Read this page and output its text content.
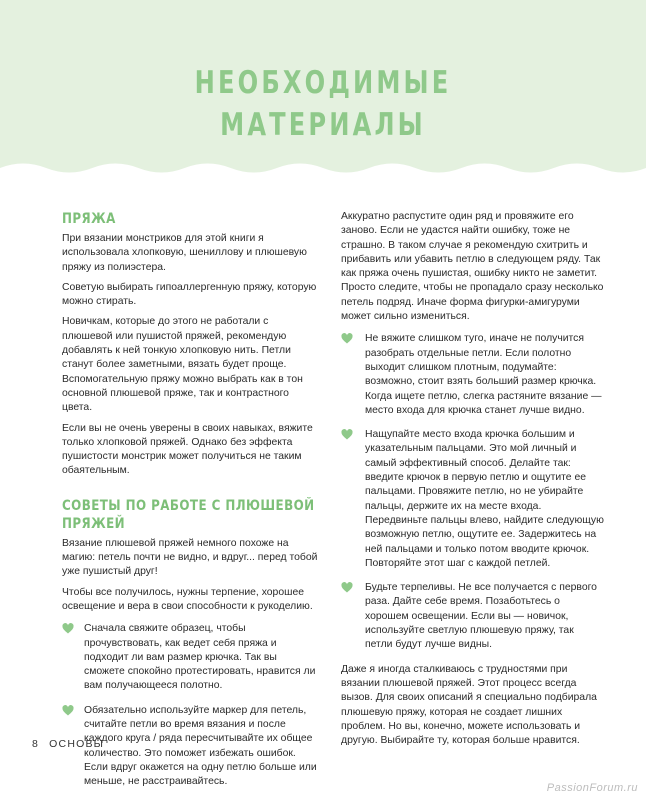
НЕОБХОДИМЫЕ
МАТЕРИАЛЫ
ПРЯЖА

При вязании монстриков для этой книги я использовала хлопковую, шениллову и плюшевую пряжу из полиэстера.

Советую выбирать гипоаллергенную пряжу, которую можно стирать.

Новичкам, которые до этого не работали с плюшевой или пушистой пряжей, рекомендую добавлять к ней тонкую хлопковую нить. Петли станут более заметными, вязать будет проще. Вспомогательную пряжу можно выбрать как в тон основной плюшевой пряже, так и контрастного цвета.

Если вы не очень уверены в своих навыках, вяжите только хлопковой пряжей. Однако без эффекта пушистости монстрик может получиться не таким обаятельным.

СОВЕТЫ ПО РАБОТЕ С ПЛЮШЕВОЙ ПРЯЖЕЙ

Вязание плюшевой пряжей немного похоже на магию: петель почти не видно, и вдруг... перед тобой уже пушистый друг!

Чтобы все получилось, нужны терпение, хорошее освещение и вера в свои способности к рукоделию.

Сначала свяжите образец, чтобы прочувствовать, как ведет себя пряжа и подходит ли вам размер крючка. Так вы сможете спокойно протестировать, нравится ли вам получающееся полотно.
Обязательно используйте маркер для петель, считайте петли во время вязания и после каждого круга / ряда пересчитывайте их общее количество. Это поможет избежать ошибок. Если вдруг окажется на одну петлю больше или меньше, не расстраивайтесь.

Аккуратно распустите один ряд и провяжите его заново. Если не удастся найти ошибку, тоже не страшно. В таком случае я рекомендую схитрить и прибавить или убавить петлю в следующем ряду. Так как пряжа очень пушистая, ошибку никто не заметит. Просто следите, чтобы не пропадало сразу несколько петель подряд. Иначе форма фигурки-амигуруми может сильно измениться.

Не вяжите слишком туго, иначе не получится разобрать отдельные петли. Если полотно выходит слишком плотным, подумайте: возможно, стоит взять больший размер крючка. Когда ищете петлю, слегка растяните вязание — место входа для крючка станет лучше видно.
Нащупайте место входа крючка большим и указательным пальцами. Это мой личный и самый эффективный способ. Делайте так: введите крючок в первую петлю и ощутите ее пальцами. Провяжите петлю, но не убирайте пальцы, держите их на месте входа. Передвиньте пальцы влево, найдите следующую возможную петлю, ощутите ее. Задержитесь на ней пальцами и только потом вводите крючок. Повторяйте этот шаг с каждой петлей.
Будьте терпеливы. Не все получается с первого раза. Дайте себе время. Позаботьтесь о хорошем освещении. Если вы — новичок, используйте светлую плюшевую пряжу, так петли будут лучше видны.

Даже я иногда сталкиваюсь с трудностями при вязании плюшевой пряжей. Этот процесс всегда вызов. Для своих описаний я специально подбирала плюшевую пряжу, которая не создает лишних проблем. Но вы, конечно, можете использовать и другую. Выбирайте ту, которая больше нравится.

8 ОСНОВЫ
PassionForum.ru
